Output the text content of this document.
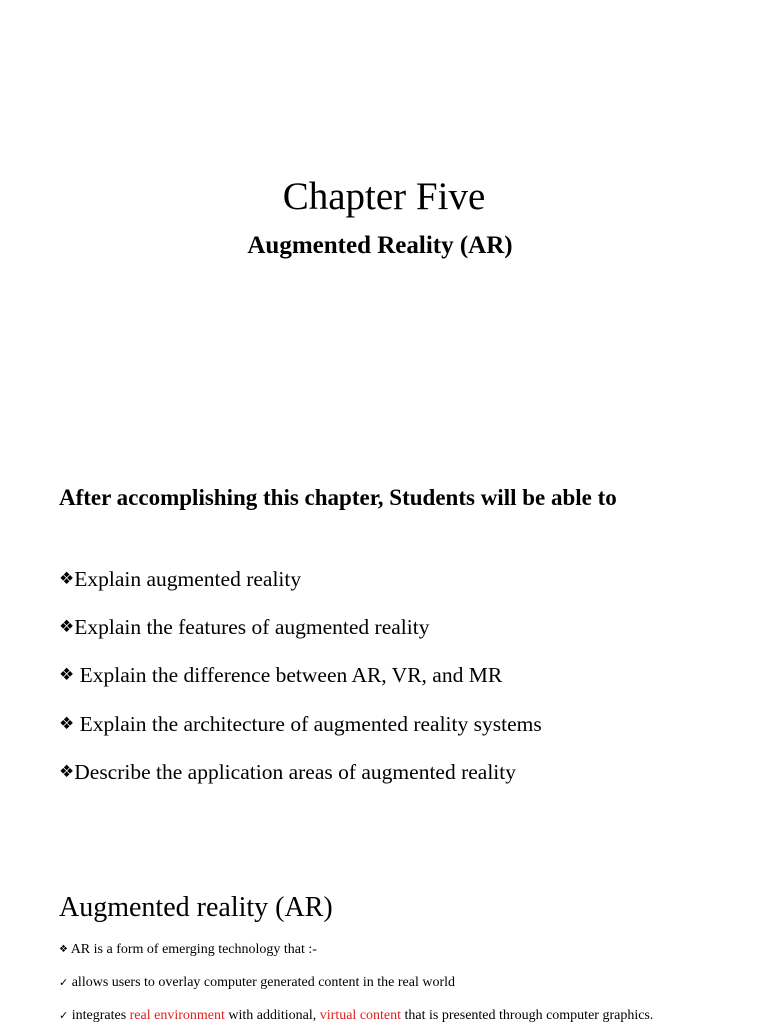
Chapter Five
Augmented Reality (AR)
After accomplishing this chapter, Students will be able to
❖Explain augmented reality
❖Explain the features of augmented reality
❖ Explain the difference between AR, VR, and MR
❖ Explain the architecture of augmented reality systems
❖Describe the application areas of augmented reality
Augmented reality (AR)
❖ AR is a form of emerging technology that :-
✓ allows users to overlay computer generated content in the real world
✓ integrates real environment with additional, virtual content that is presented through computer graphics.
